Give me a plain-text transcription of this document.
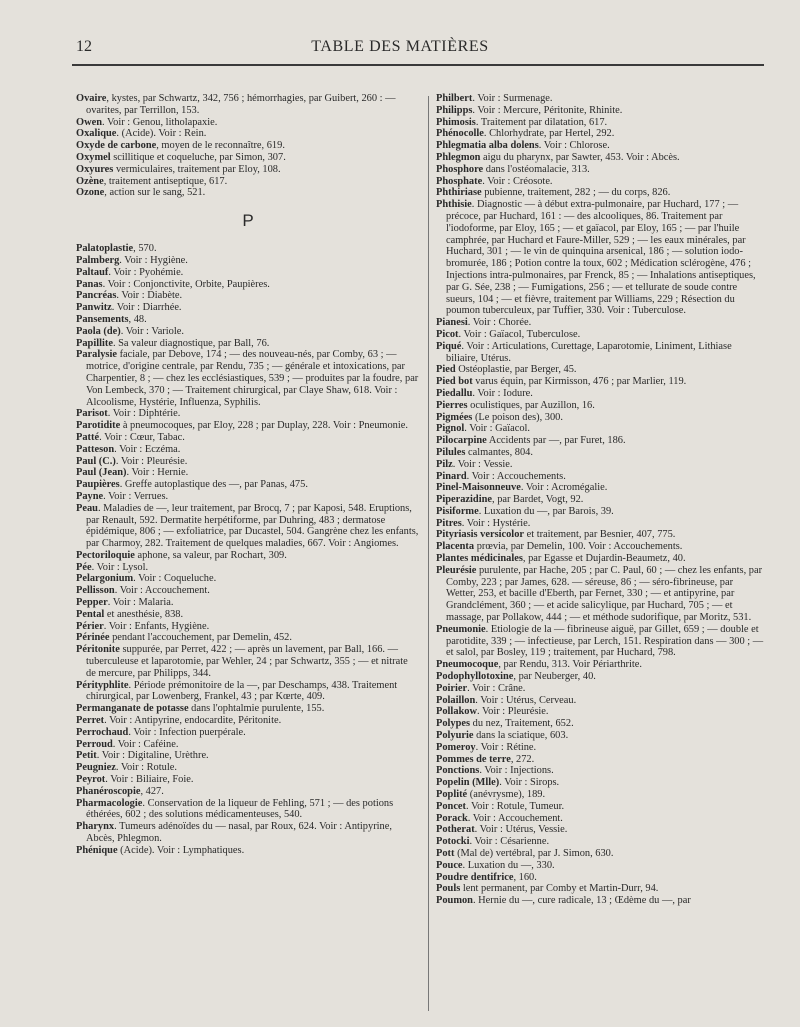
12	TABLE DES MATIÈRES

Ovaire, kystes, par Schwartz, 342, 756 ; hémorrhagies, par Guibert, 260 : — ovarites, par Terrillon, 153.

Owen. Voir : Genou, litholapaxie.

Oxalique. (Acide). Voir : Rein.

Oxyde de carbone, moyen de le reconnaître, 619.

Oxymel scillitique et coqueluche, par Simon, 307.

Oxyures vermiculaires, traitement par Eloy, 108.

Ozène, traitement antiseptique, 617.

Ozone, action sur le sang, 521.

P

Palatoplastie, 570.

Palmberg. Voir : Hygiène.

Paltauf. Voir : Pyohémie.

Panas. Voir : Conjonctivite, Orbite, Paupières.

Pancréas. Voir : Diabète.

Panwitz. Voir : Diarrhée.

Pansements, 48.

Paola (de). Voir : Variole.

Papillite. Sa valeur diagnostique, par Ball, 76.

Paralysie faciale, par Debove, 174 ; — des nouveau-nés, par Comby, 63 ; — motrice, d'origine centrale, par Rendu, 735 ; — générale et intoxications, par Charpentier, 8 ; — chez les ecclésiastiques, 539 ; — produites par la foudre, par Von Lembeck, 370 ; — Traitement chirurgical, par Claye Shaw, 618. Voir : Alcoolisme, Hystérie, Influenza, Syphilis.

Parisot. Voir : Diphtérie.

Parotidite à pneumocoques, par Eloy, 228 ; par Duplay, 228. Voir : Pneumonie.

Patté. Voir : Cœur, Tabac.

Patteson. Voir : Eczéma.

Paul (C.). Voir : Pleurésie.

Paul (Jean). Voir : Hernie.

Paupières. Greffe autoplastique des —, par Panas, 475.

Payne. Voir : Verrues.

Peau. Maladies de —, leur traitement, par Brocq, 7 ; par Kaposi, 548. Eruptions, par Renault, 592. Dermatite herpétiforme, par Duhring, 483 ; dermatose épidémique, 806 ; — exfoliatrice, par Ducastel, 504. Gangrène chez les enfants, par Charmoy, 282. Traitement de quelques maladies, 667. Voir : Angiomes.

Pectoriloquie aphone, sa valeur, par Rochart, 309.

Pée. Voir : Lysol.

Pelargonium. Voir : Coqueluche.

Pellisson. Voir : Accouchement.

Pepper. Voir : Malaria.

Pental et anesthésie, 838.

Périer. Voir : Enfants, Hygiène.

Périnée pendant l'accouchement, par Demelin, 452.

Péritonite suppurée, par Perret, 422 ; — après un lavement, par Ball, 166. — tuberculeuse et laparotomie, par Wehler, 24 ; par Schwartz, 355 ; — et nitrate de mercure, par Philipps, 344.

Pérityphlite. Période prémonitoire de la —, par Deschamps, 438. Traitement chirurgical, par Lowenberg, Frankel, 43 ; par Kœrte, 409.

Permanganate de potasse dans l'ophtalmie purulente, 155.

Perret. Voir : Antipyrine, endocardite, Péritonite.

Perrochaud. Voir : Infection puerpérale.

Perroud. Voir : Caféine.

Petit. Voir : Digitaline, Urèthre.

Peugniez. Voir : Rotule.

Peyrot. Voir : Biliaire, Foie.

Phanéroscopie, 427.

Pharmacologie. Conservation de la liqueur de Fehling, 571 ; — des potions éthérées, 602 ; des solutions médicamenteuses, 540.

Pharynx. Tumeurs adénoïdes du — nasal, par Roux, 624. Voir : Antipyrine, Abcès, Phlegmon.

Phénique (Acide). Voir : Lymphatiques.

Philbert. Voir : Surmenage.

Philipps. Voir : Mercure, Péritonite, Rhinite.

Phimosis. Traitement par dilatation, 617.

Phénocolle. Chlorhydrate, par Hertel, 292.

Phlegmatia alba dolens. Voir : Chlorose.

Phlegmon aigu du pharynx, par Sawter, 453. Voir : Abcès.

Phosphore dans l'ostéomalacie, 313.

Phosphate. Voir : Créosote.

Phthiriase pubienne, traitement, 282 ; — du corps, 826.

Phthisie. Diagnostic — à début extra-pulmonaire, par Huchard, 177 ; — précoce, par Huchard, 161 : — des alcooliques, 86. Traitement par l'iodoforme, par Eloy, 165 ; — et gaïacol, par Eloy, 165 ; — par l'huile camphrée, par Huchard et Faure-Miller, 529 ; — les eaux minérales, par Huchard, 301 ; — le vin de quinquina arsenical, 186 ; — solution iodo-bromurée, 186 ; Potion contre la toux, 602 ; Médication sclérogène, 476 ; Injections intra-pulmonaires, par Frenck, 85 ; — Inhalations antiseptiques, par G. Sée, 238 ; — Fumigations, 256 ; — et tellurate de soude contre sueurs, 104 ; — et fièvre, traitement par Williams, 229 ; Résection du poumon tuberculeux, par Tuffier, 330. Voir : Tuberculose.

Pianesi. Voir : Chorée.

Picot. Voir : Gaïacol, Tuberculose.

Piqué. Voir : Articulations, Curettage, Laparotomie, Liniment, Lithiase biliaire, Utérus.

Pied Ostéoplastie, par Berger, 45.

Pied bot varus équin, par Kirmisson, 476 ; par Marlier, 119.

Piedallu. Voir : Iodure.

Pierres oculistiques, par Auzillon, 16.

Pigmées (Le poison des), 300.

Pignol. Voir : Gaïacol.

Pilocarpine Accidents par —, par Furet, 186.

Pilules calmantes, 804.

Pilz. Voir : Vessie.

Pinard. Voir : Accouchements.

Pinel-Maisonneuve. Voir : Acromégalie.

Piperazidine, par Bardet, Vogt, 92.

Pisiforme. Luxation du —, par Barois, 39.

Pitres. Voir : Hystérie.

Pityriasis versicolor et traitement, par Besnier, 407, 775.

Placenta prœvia, par Demelin, 100. Voir : Accouchements.

Plantes médicinales, par Egasse et Dujardin-Beaumetz, 40.

Pleurésie purulente, par Hache, 205 ; par C. Paul, 60 ; — chez les enfants, par Comby, 223 ; par James, 628. — séreuse, 86 ; — séro-fibrineuse, par Wetter, 253, et bacille d'Eberth, par Fernet, 330 ; — et antipyrine, par Grandclément, 360 ; — et acide salicylique, par Huchard, 705 ; — et massage, par Pollakow, 444 ; — et méthode sudorifique, par Moritz, 531.

Pneumonie. Etiologie de la — fibrineuse aiguë, par Gillet, 659 ; — double et parotidite, 339 ; — infectieuse, par Lerch, 151. Respiration dans — 300 ; — et salol, par Bosley, 119 ; traitement, par Huchard, 798.

Pneumocoque, par Rendu, 313. Voir Périarthrite.

Podophyllotoxine, par Neuberger, 40.

Poirier. Voir : Crâne.

Polaillon. Voir : Utérus, Cerveau.

Pollakow. Voir : Pleurésie.

Polypes du nez, Traitement, 652.

Polyurie dans la sciatique, 603.

Pomeroy. Voir : Rétine.

Pommes de terre, 272.

Ponctions. Voir : Injections.

Popelin (Mlle). Voir : Sirops.

Poplité (anévrysme), 189.

Poncet. Voir : Rotule, Tumeur.

Porack. Voir : Accouchement.

Potherat. Voir : Utérus, Vessie.

Potocki. Voir : Césarienne.

Pott (Mal de) vertébral, par J. Simon, 630.

Pouce. Luxation du —, 330.

Poudre dentifrice, 160.

Pouls lent permanent, par Comby et Martin-Durr, 94.

Poumon. Hernie du —, cure radicale, 13 ; Œdème du —, par
